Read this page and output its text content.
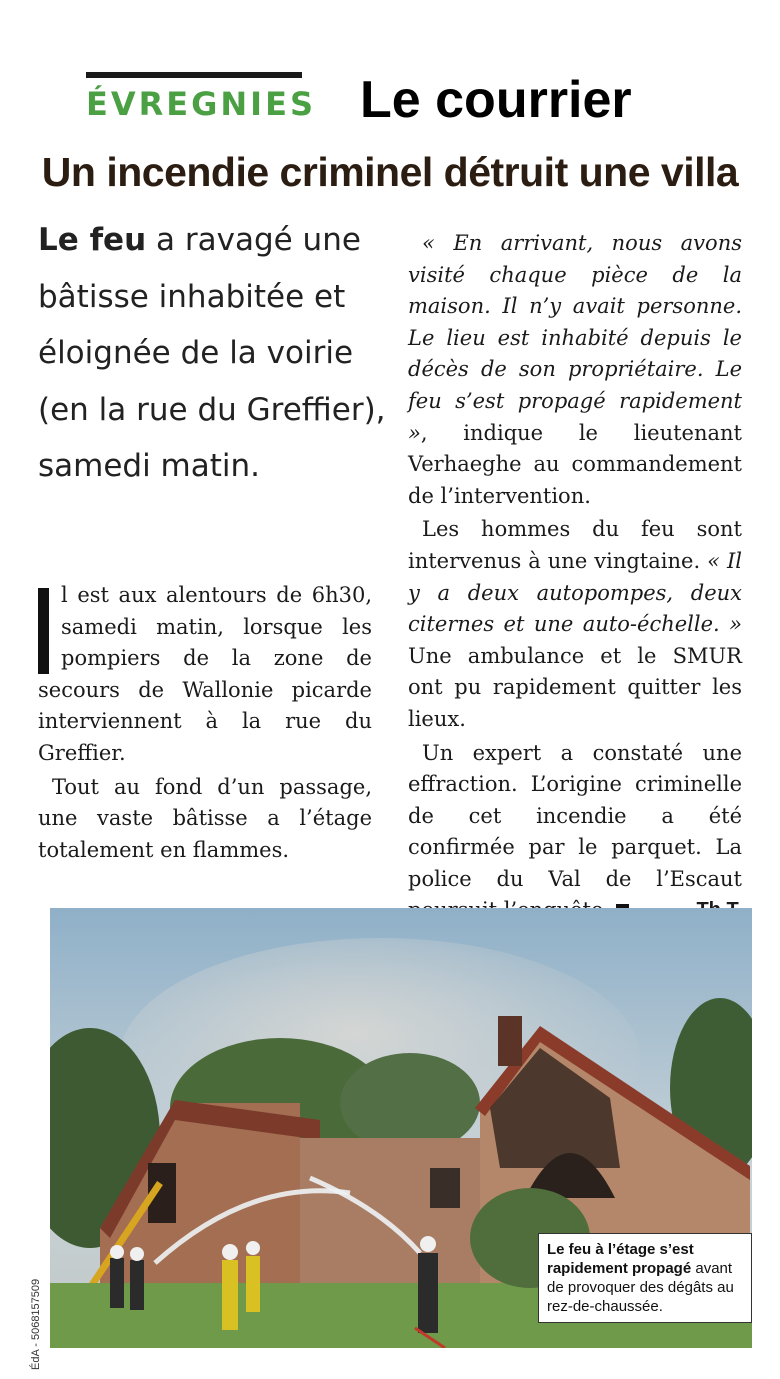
ÉVREGNIES Le courrier
Un incendie criminel détruit une villa
Le feu a ravagé une bâtisse inhabitée et éloignée de la voirie (en la rue du Greffier), samedi matin.

l est aux alentours de 6h30, samedi matin, lorsque les pompiers de la zone de secours de Wallonie picarde interviennent à la rue du Greffier.

Tout au fond d’un passage, une vaste bâtisse a l’étage totalement en flammes.

« En arrivant, nous avons visité chaque pièce de la maison. Il n’y avait personne. Le lieu est inhabité depuis le décès de son propriétaire. Le feu s’est propagé rapidement », indique le lieutenant Verhaeghe au commandement de l’intervention.

Les hommes du feu sont intervenus à une vingtaine. « Il y a deux autopompes, deux citernes et une auto-échelle. » Une ambulance et le SMUR ont pu rapidement quitter les lieux.

Un expert a constaté une effraction. L’origine criminelle de cet incendie a été confirmée par le parquet. La police du Val de l’Escaut

ÉdA - 5068157509
Le feu à l’étage s’est rapidement propagé avant de provoquer des dégâts au rez-de-chaussée.
